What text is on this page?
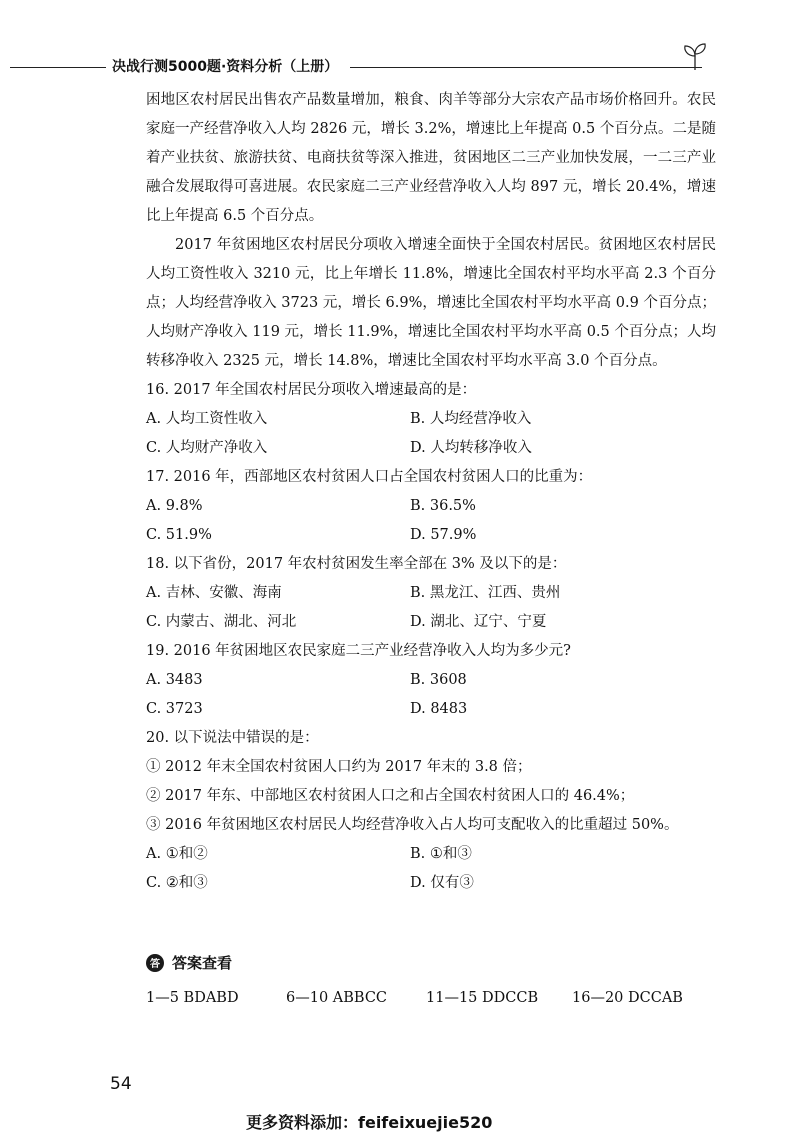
决战行测5000题·资料分析（上册）

困地区农村居民出售农产品数量增加，粮食、肉羊等部分大宗农产品市场价格回升。农民家庭一产经营净收入人均 2826 元，增长 3.2%，增速比上年提高 0.5 个百分点。二是随着产业扶贫、旅游扶贫、电商扶贫等深入推进，贫困地区二三产业加快发展，一二三产业融合发展取得可喜进展。农民家庭二三产业经营净收入人均 897 元，增长 20.4%，增速比上年提高 6.5 个百分点。

2017 年贫困地区农村居民分项收入增速全面快于全国农村居民。贫困地区农村居民人均工资性收入 3210 元，比上年增长 11.8%，增速比全国农村平均水平高 2.3 个百分点；人均经营净收入 3723 元，增长 6.9%，增速比全国农村平均水平高 0.9 个百分点；人均财产净收入 119 元，增长 11.9%，增速比全国农村平均水平高 0.5 个百分点；人均转移净收入 2325 元，增长 14.8%，增速比全国农村平均水平高 3.0 个百分点。

16. 2017 年全国农村居民分项收入增速最高的是：

A. 人均工资性收入	B. 人均经营净收入
C. 人均财产净收入	D. 人均转移净收入

17. 2016 年，西部地区农村贫困人口占全国农村贫困人口的比重为：

A. 9.8%	B. 36.5%
C. 51.9%	D. 57.9%

18. 以下省份，2017 年农村贫困发生率全部在 3% 及以下的是：

A. 吉林、安徽、海南	B. 黑龙江、江西、贵州
C. 内蒙古、湖北、河北	D. 湖北、辽宁、宁夏

19. 2016 年贫困地区农民家庭二三产业经营净收入人均为多少元?

A. 3483	B. 3608
C. 3723	D. 8483

20. 以下说法中错误的是：

① 2012 年末全国农村贫困人口约为 2017 年末的 3.8 倍；

② 2017 年东、中部地区农村贫困人口之和占全国农村贫困人口的 46.4%；

③ 2016 年贫困地区农村居民人均经营净收入占人均可支配收入的比重超过 50%。

A. ①和②	B. ①和③
C. ②和③	D. 仅有③
答 答案查看
1—5 BDABD	6—10 ABBCC	11—15 DDCCB	16—20 DCCAB
54
更多资料添加：feifeixuejie520
